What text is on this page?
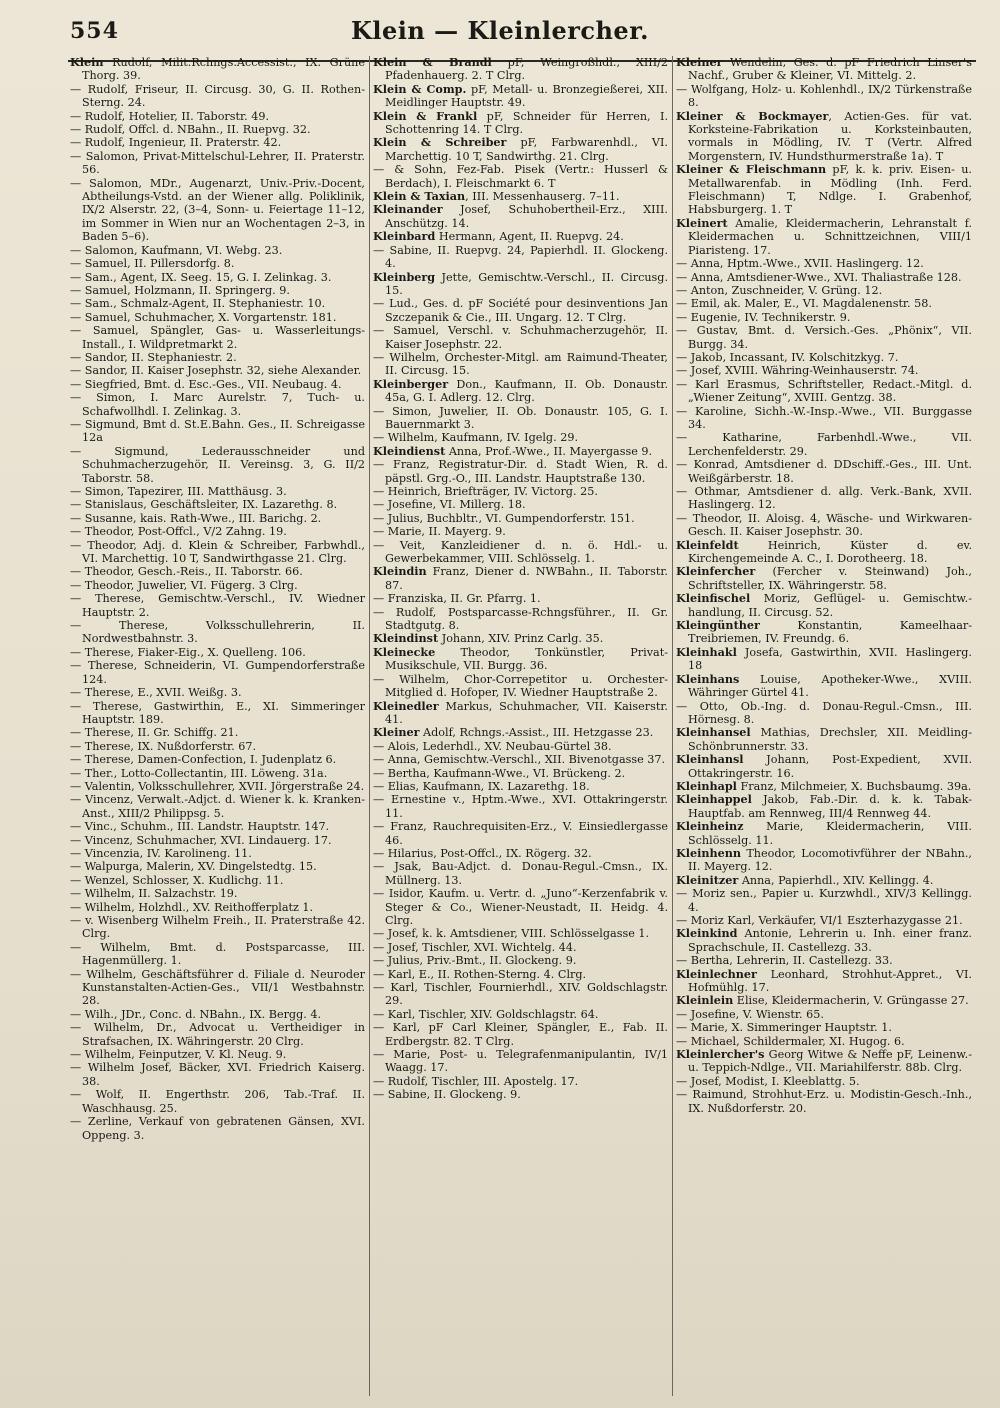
554	Klein — Kleinlercher.

Klein Rudolf, Milit.Rchngs.Accessist., IX. Grüne Thorg. 39.

— Rudolf, Friseur, II. Circusg. 30, G. II. Rothen-Sterng. 24.

— Rudolf, Hotelier, II. Taborstr. 49.

— Rudolf, Offcl. d. NBahn., II. Ruepvg. 32.

— Rudolf, Ingenieur, II. Praterstr. 42.

— Salomon, Privat-Mittelschul-Lehrer, II. Praterstr. 56.

— Salomon, MDr., Augenarzt, Univ.-Priv.-Docent, Abtheilungs-Vstd. an der Wiener allg. Poliklinik, IX/2 Alserstr. 22, (3–4, Sonn- u. Feiertage 11–12, im Sommer in Wien nur an Wochentagen 2–3, in Baden 5–6).

— Salomon, Kaufmann, VI. Webg. 23.

— Samuel, II. Pillersdorfg. 8.

— Sam., Agent, IX. Seeg. 15, G. I. Zelinkag. 3.

— Samuel, Holzmann, II. Springerg. 9.

— Sam., Schmalz-Agent, II. Stephaniestr. 10.

— Samuel, Schuhmacher, X. Vorgartenstr. 181.

— Samuel, Spängler, Gas- u. Wasserleitungs-Install., I. Wildpretmarkt 2.

— Sandor, II. Stephaniestr. 2.

— Sandor, II. Kaiser Josephstr. 32, siehe Alexander.

— Siegfried, Bmt. d. Esc.-Ges., VII. Neubaug. 4.

— Simon, I. Marc Aurelstr. 7, Tuch- u. Schafwollhdl. I. Zelinkag. 3.

— Sigmund, Bmt d. St.E.Bahn. Ges., II. Schreigasse 12a

— Sigmund, Lederausschneider und Schuhmacherzugehör, II. Vereinsg. 3, G. II/2 Taborstr. 58.

— Simon, Tapezirer, III. Matthäusg. 3.

— Stanislaus, Geschäftsleiter, IX. Lazarethg. 8.

— Susanne, kais. Rath-Wwe., III. Barichg. 2.

— Theodor, Post-Offcl., V/2 Zahng. 19.

— Theodor, Adj. d. Klein & Schreiber, Farbwhdl., VI. Marchettig. 10 T, Sandwirthgasse 21. Clrg.

— Theodor, Gesch.-Reis., II. Taborstr. 66.

— Theodor, Juwelier, VI. Fügerg. 3 Clrg.

— Therese, Gemischtw.-Verschl., IV. Wiedner Hauptstr. 2.

— Therese, Volksschullehrerin, II. Nordwestbahnstr. 3.

— Therese, Fiaker-Eig., X. Quelleng. 106.

— Therese, Schneiderin, VI. Gumpendorferstraße 124.

— Therese, E., XVII. Weißg. 3.

— Therese, Gastwirthin, E., XI. Simmeringer Hauptstr. 189.

— Therese, II. Gr. Schiffg. 21.

— Therese, IX. Nußdorferstr. 67.

— Therese, Damen-Confection, I. Judenplatz 6.

— Ther., Lotto-Collectantin, III. Löweng. 31a.

— Valentin, Volksschullehrer, XVII. Jörgerstraße 24.

— Vincenz, Verwalt.-Adjct. d. Wiener k. k. Kranken-Anst., XIII/2 Philippsg. 5.

— Vinc., Schuhm., III. Landstr. Hauptstr. 147.

— Vincenz, Schuhmacher, XVI. Lindauerg. 17.

— Vincenzia, IV. Karolineng. 11.

— Walpurga, Malerin, XV. Dingelstedtg. 15.

— Wenzel, Schlosser, X. Kudlichg. 11.

— Wilhelm, II. Salzachstr. 19.

— Wilhelm, Holzhdl., XV. Reithofferplatz 1.

— v. Wisenberg Wilhelm Freih., II. Praterstraße 42. Clrg.

— Wilhelm, Bmt. d. Postsparcasse, III. Hagenmüllerg. 1.

— Wilhelm, Geschäftsführer d. Filiale d. Neuroder Kunstanstalten-Actien-Ges., VII/1 Westbahnstr. 28.

— Wilh., JDr., Conc. d. NBahn., IX. Bergg. 4.

— Wilhelm, Dr., Advocat u. Vertheidiger in Strafsachen, IX. Währingerstr. 20 Clrg.

— Wilhelm, Feinputzer, V. Kl. Neug. 9.

— Wilhelm Josef, Bäcker, XVI. Friedrich Kaiserg. 38.

— Wolf, II. Engerthstr. 206, Tab.-Traf. II. Waschhausg. 25.

— Zerline, Verkauf von gebratenen Gänsen, XVI. Oppeng. 3.

Klein & Brandl pF, Weingroßhdl., XIII/2 Pfadenhauerg. 2. T Clrg.

Klein & Comp. pF, Metall- u. Bronzegießerei, XII. Meidlinger Hauptstr. 49.

Klein & Frankl pF, Schneider für Herren, I. Schottenring 14. T Clrg.

Klein & Schreiber pF, Farbwarenhdl., VI. Marchettig. 10 T, Sandwirthg. 21. Clrg.

— & Sohn, Fez-Fab. Pisek (Vertr.: Husserl & Berdach), I. Fleischmarkt 6. T

Klein & Taxian, III. Messenhauserg. 7–11.

Kleinander Josef, Schuhobertheil-Erz., XIII. Anschützg. 14.

Kleinbard Hermann, Agent, II. Ruepvg. 24.

— Sabine, II. Ruepvg. 24, Papierhdl. II. Glockeng. 4.

Kleinberg Jette, Gemischtw.-Verschl., II. Circusg. 15.

— Lud., Ges. d. pF Société pour desinventions Jan Szczepanik & Cie., III. Ungarg. 12. T Clrg.

— Samuel, Verschl. v. Schuhmacherzugehör, II. Kaiser Josephstr. 22.

— Wilhelm, Orchester-Mitgl. am Raimund-Theater, II. Circusg. 15.

Kleinberger Don., Kaufmann, II. Ob. Donaustr. 45a, G. I. Adlerg. 12. Clrg.

— Simon, Juwelier, II. Ob. Donaustr. 105, G. I. Bauernmarkt 3.

— Wilhelm, Kaufmann, IV. Igelg. 29.

Kleindienst Anna, Prof.-Wwe., II. Mayergasse 9.

— Franz, Registratur-Dir. d. Stadt Wien, R. d. päpstl. Grg.-O., III. Landstr. Hauptstraße 130.

— Heinrich, Briefträger, IV. Victorg. 25.

— Josefine, VI. Millerg. 18.

— Julius, Buchbltr., VI. Gumpendorferstr. 151.

— Marie, II. Mayerg. 9.

— Veit, Kanzleidiener d. n. ö. Hdl.- u. Gewerbekammer, VIII. Schlösselg. 1.

Kleindin Franz, Diener d. NWBahn., II. Taborstr. 87.

— Franziska, II. Gr. Pfarrg. 1.

— Rudolf, Postsparcasse-Rchngsführer., II. Gr. Stadtgutg. 8.

Kleindinst Johann, XIV. Prinz Carlg. 35.

Kleinecke Theodor, Tonkünstler, Privat-Musikschule, VII. Burgg. 36.

— Wilhelm, Chor-Correpetitor u. Orchester-Mitglied d. Hofoper, IV. Wiedner Hauptstraße 2.

Kleinedler Markus, Schuhmacher, VII. Kaiserstr. 41.

Kleiner Adolf, Rchngs.-Assist., III. Hetzgasse 23.

— Alois, Lederhdl., XV. Neubau-Gürtel 38.

— Anna, Gemischtw.-Verschl., XII. Bivenotgasse 37.

— Bertha, Kaufmann-Wwe., VI. Brückeng. 2.

— Elias, Kaufmann, IX. Lazarethg. 18.

— Ernestine v., Hptm.-Wwe., XVI. Ottakringerstr. 11.

— Franz, Rauchrequisiten-Erz., V. Einsiedlergasse 46.

— Hilarius, Post-Offcl., IX. Rögerg. 32.

— Jsak, Bau-Adjct. d. Donau-Regul.-Cmsn., IX. Müllnerg. 13.

— Isidor, Kaufm. u. Vertr. d. „Juno“-Kerzenfabrik v. Steger & Co., Wiener-Neustadt, II. Heidg. 4. Clrg.

— Josef, k. k. Amtsdiener, VIII. Schlösselgasse 1.

— Josef, Tischler, XVI. Wichtelg. 44.

— Julius, Priv.-Bmt., II. Glockeng. 9.

— Karl, E., II. Rothen-Sterng. 4. Clrg.

— Karl, Tischler, Fournierhdl., XIV. Goldschlagstr. 29.

— Karl, Tischler, XIV. Goldschlagstr. 64.

— Karl, pF Carl Kleiner, Spängler, E., Fab. II. Erdbergstr. 82. T Clrg.

— Marie, Post- u. Telegrafenmanipulantin, IV/1 Waagg. 17.

— Rudolf, Tischler, III. Apostelg. 17.

— Sabine, II. Glockeng. 9.

Kleiner Wendelin, Ges. d. pF Friedrich Linser's Nachf., Gruber & Kleiner, VI. Mittelg. 2.

— Wolfgang, Holz- u. Kohlenhdl., IX/2 Türkenstraße 8.

Kleiner & Bockmayer, Actien-Ges. für vat. Korksteine-Fabrikation u. Korksteinbauten, vormals in Mödling, IV. T (Vertr. Alfred Morgenstern, IV. Hundsthurmerstraße 1a). T

Kleiner & Fleischmann pF, k. k. priv. Eisen- u. Metallwarenfab. in Mödling (Inh. Ferd. Fleischmann) T, Ndlge. I. Grabenhof, Habsburgerg. 1. T

Kleinert Amalie, Kleidermacherin, Lehranstalt f. Kleidermachen u. Schnittzeichnen, VIII/1 Piaristeng. 17.

— Anna, Hptm.-Wwe., XVII. Haslingerg. 12.

— Anna, Amtsdiener-Wwe., XVI. Thaliastraße 128.

— Anton, Zuschneider, V. Grüng. 12.

— Emil, ak. Maler, E., VI. Magdalenenstr. 58.

— Eugenie, IV. Technikerstr. 9.

— Gustav, Bmt. d. Versich.-Ges. „Phönix“, VII. Burgg. 34.

— Jakob, Incassant, IV. Kolschitzkyg. 7.

— Josef, XVIII. Währing-Weinhauserstr. 74.

— Karl Erasmus, Schriftsteller, Redact.-Mitgl. d. „Wiener Zeitung“, XVIII. Gentzg. 38.

— Karoline, Sichh.-W.-Insp.-Wwe., VII. Burggasse 34.

— Katharine, Farbenhdl.-Wwe., VII. Lerchenfelderstr. 29.

— Konrad, Amtsdiener d. DDschiff.-Ges., III. Unt. Weißgärberstr. 18.

— Othmar, Amtsdiener d. allg. Verk.-Bank, XVII. Haslingerg. 12.

— Theodor, II. Aloisg. 4, Wäsche- und Wirkwaren-Gesch. II. Kaiser Josephstr. 30.

Kleinfeldt Heinrich, Küster d. ev. Kirchengemeinde A. C., I. Dorotheerg. 18.

Kleinfercher (Fercher v. Steinwand) Joh., Schriftsteller, IX. Währingerstr. 58.

Kleinfischel Moriz, Geflügel- u. Gemischtw.-handlung, II. Circusg. 52.

Kleingünther Konstantin, Kameelhaar-Treibriemen, IV. Freundg. 6.

Kleinhakl Josefa, Gastwirthin, XVII. Haslingerg. 18

Kleinhans Louise, Apotheker-Wwe., XVIII. Währinger Gürtel 41.

— Otto, Ob.-Ing. d. Donau-Regul.-Cmsn., III. Hörnesg. 8.

Kleinhansel Mathias, Drechsler, XII. Meidling-Schönbrunnerstr. 33.

Kleinhansl Johann, Post-Expedient, XVII. Ottakringerstr. 16.

Kleinhapl Franz, Milchmeier, X. Buchsbaumg. 39a.

Kleinhappel Jakob, Fab.-Dir. d. k. k. Tabak-Hauptfab. am Rennweg, III/4 Rennweg 44.

Kleinheinz Marie, Kleidermacherin, VIII. Schlösselg. 11.

Kleinhenn Theodor, Locomotivführer der NBahn., II. Mayerg. 12.

Kleinitzer Anna, Papierhdl., XIV. Kellingg. 4.

— Moriz sen., Papier u. Kurzwhdl., XIV/3 Kellingg. 4.

— Moriz Karl, Verkäufer, VI/1 Eszterhazygasse 21.

Kleinkind Antonie, Lehrerin u. Inh. einer franz. Sprachschule, II. Castellezg. 33.

— Bertha, Lehrerin, II. Castellezg. 33.

Kleinlechner Leonhard, Strohhut-Appret., VI. Hofmühlg. 17.

Kleinlein Elise, Kleidermacherin, V. Grüngasse 27.

— Josefine, V. Wienstr. 65.

— Marie, X. Simmeringer Hauptstr. 1.

— Michael, Schildermaler, XI. Hugog. 6.

Kleinlercher's Georg Witwe & Neffe pF, Leinenw.- u. Teppich-Ndlge., VII. Mariahilferstr. 88b. Clrg.

— Josef, Modist, I. Kleeblattg. 5.

— Raimund, Strohhut-Erz. u. Modistin-Gesch.-Inh., IX. Nußdorferstr. 20.
